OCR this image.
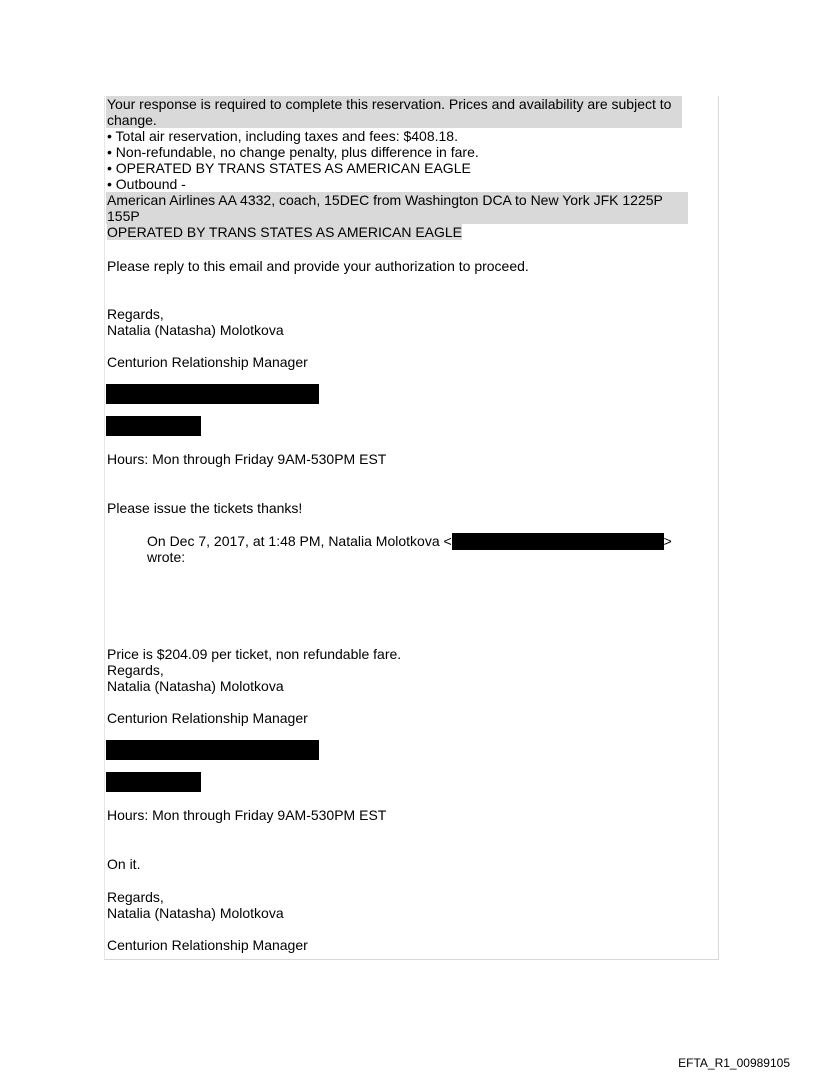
Your response is required to complete this reservation. Prices and availability are subject to
change.
• Total air reservation, including taxes and fees: $408.18.
• Non-refundable, no change penalty, plus difference in fare.
• OPERATED BY TRANS STATES AS AMERICAN EAGLE
• Outbound -
American Airlines AA 4332, coach, 15DEC from Washington DCA to New York JFK 1225P
155P
OPERATED BY TRANS STATES AS AMERICAN EAGLE
Please reply to this email and provide your authorization to proceed.
Regards,
Natalia (Natasha) Molotkova
Centurion Relationship Manager
Hours: Mon through Friday 9AM-530PM EST
Please issue the tickets thanks!
On Dec 7, 2017, at 1:48 PM, Natalia Molotkova <	>
wrote:
Price is $204.09 per ticket, non refundable fare.
Regards,
Natalia (Natasha) Molotkova
Centurion Relationship Manager
Hours: Mon through Friday 9AM-530PM EST
On it.
Regards,
Natalia (Natasha) Molotkova
Centurion Relationship Manager
EFTA_R1_00989105
